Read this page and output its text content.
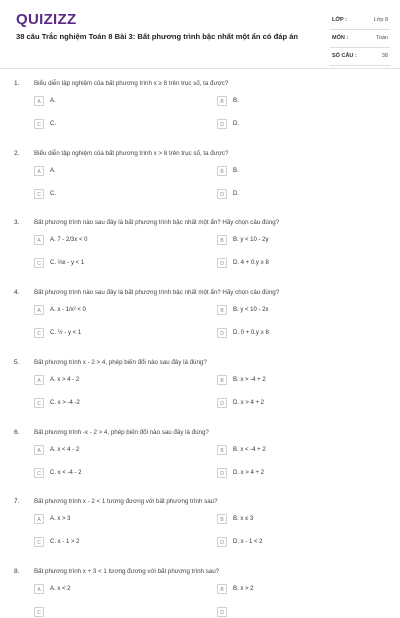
QUIZIZZ
38 câu Trắc nghiệm Toán 8 Bài 3: Bất phương trình bậc nhất một ẩn có đáp án
LỚP :	Lớp 8
MÔN :	Toán
SỐ CÂU :	38
1. Biểu diễn tập nghiệm của bất phương trình x ≥ 8 trên trục số, ta được?
A	A.	B	B.
C	C.	D	D.
2. Biểu diễn tập nghiệm của bất phương trình x > 8 trên trục số, ta được?
A	A.	B	B.
C	C.	D	D.
3. Bất phương trình nào sau đây là bất phương trình bậc nhất một ẩn? Hãy chọn câu đúng?
A	A. 7 - 2/3x < 0	B	B. y < 10 - 2y
C	C. ⅔x - y < 1	D	D. 4 + 0.y ≥ 8
4. Bất phương trình nào sau đây là bất phương trình bậc nhất một ẩn? Hãy chọn câu đúng?
A	A. x - 1/x² < 0	B	B. y < 10 - 2x
C	C. ½ - y < 1	D	D. 0 + 0.y ≥ 8
5. Bất phương trình x - 2 > 4, phép biến đổi nào sau đây là đúng?
A	A. x > 4 - 2	B	B. x > -4 + 2
C	C. x > -4 -2	D	D. x > 4 + 2
6. Bất phương trình -x - 2 > 4, phép biến đổi nào sau đây là đúng?
A	A. x < 4 - 2	B	B. x < -4 + 2
C	C. x < -4 - 2	D	D. x > 4 + 2
7. Bất phương trình x - 2 < 1 tương đương với bất phương trình sau?
A	A. x > 3	B	B. x ≤ 3
C	C. x - 1 > 2	D	D. x - 1 < 2
8. Bất phương trình x + 3 < 1 tương đương với bất phương trình sau?
A	A. x < 2	B	B. x > 2
C	D
